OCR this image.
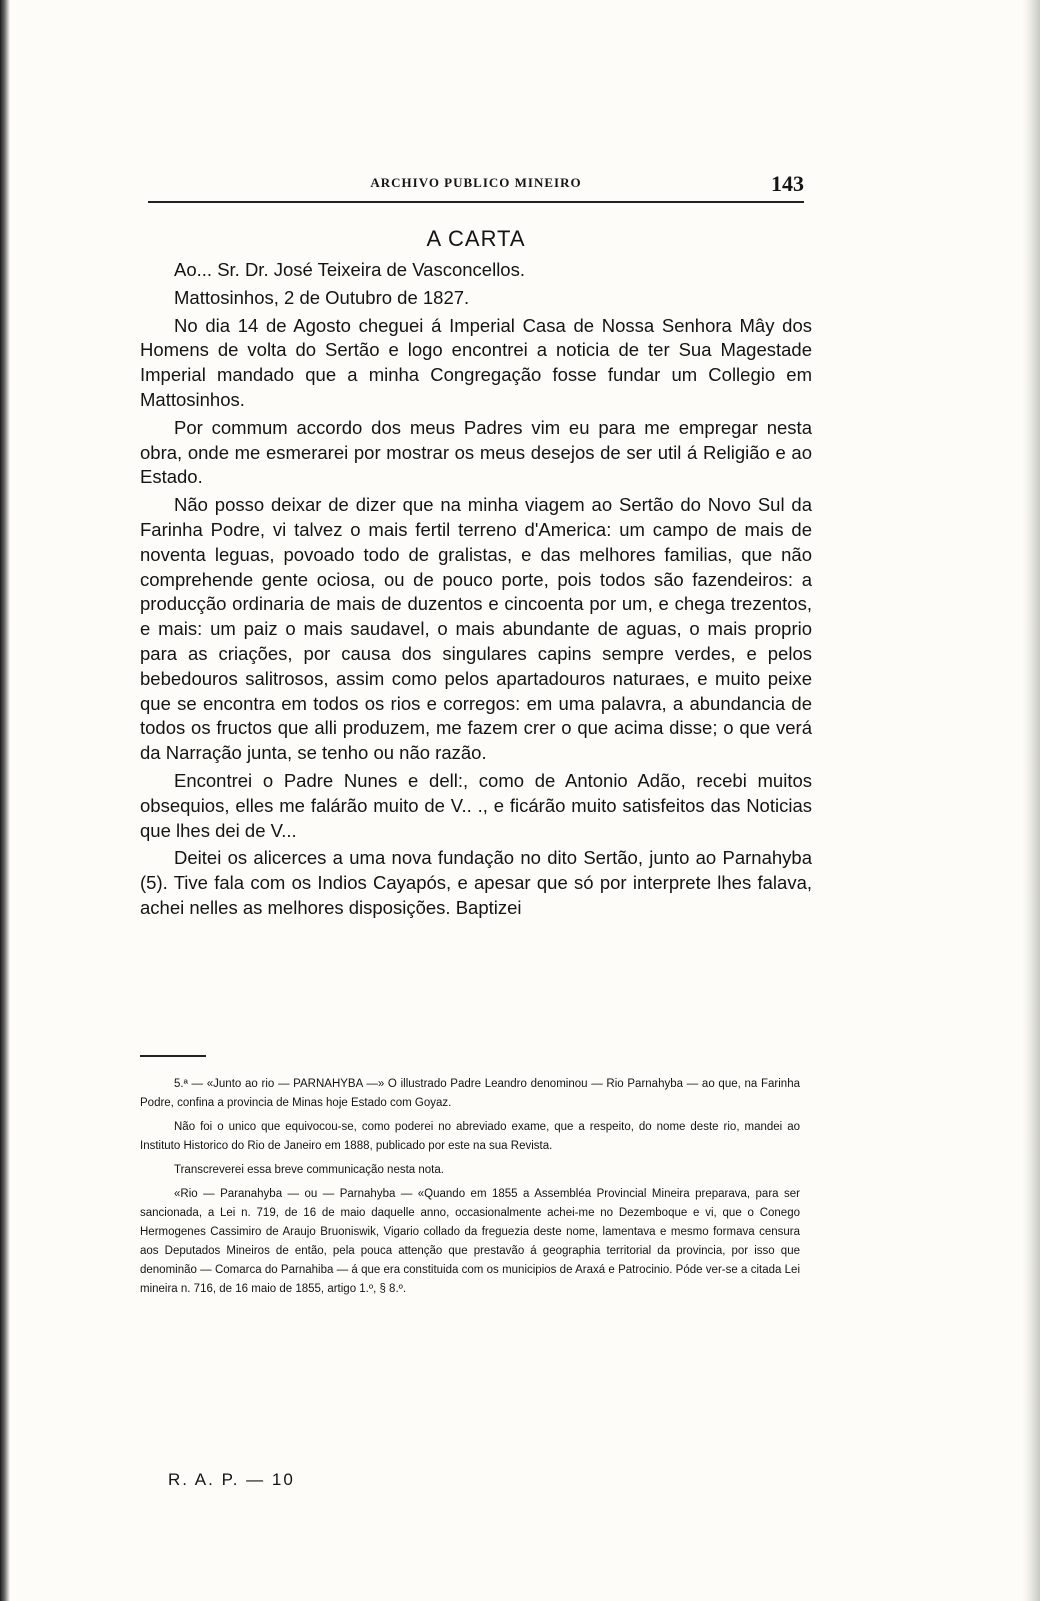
ARCHIVO PUBLICO MINEIRO	143
A CARTA

Ao... Sr. Dr. José Teixeira de Vasconcellos.

Mattosinhos, 2 de Outubro de 1827.

No dia 14 de Agosto cheguei á Imperial Casa de Nossa Senhora Mây dos Homens de volta do Sertão e logo encontrei a noticia de ter Sua Magestade Imperial mandado que a minha Congregação fosse fundar um Collegio em Mattosinhos.

Por commum accordo dos meus Padres vim eu para me empregar nesta obra, onde me esmerarei por mostrar os meus desejos de ser util á Religião e ao Estado.

Não posso deixar de dizer que na minha viagem ao Sertão do Novo Sul da Farinha Podre, vi talvez o mais fertil terreno d'America: um campo de mais de noventa leguas, povoado todo de gralistas, e das melhores familias, que não comprehende gente ociosa, ou de pouco porte, pois todos são fazendeiros: a producção ordinaria de mais de duzentos e cincoenta por um, e chega trezentos, e mais: um paiz o mais saudavel, o mais abundante de aguas, o mais proprio para as criações, por causa dos singulares capins sempre verdes, e pelos bebedouros salitrosos, assim como pelos apartadouros naturaes, e muito peixe que se encontra em todos os rios e corregos: em uma palavra, a abundancia de todos os fructos que alli produzem, me fazem crer o que acima disse; o que verá da Narração junta, se tenho ou não razão.

Encontrei o Padre Nunes e dell:, como de Antonio Adão, recebi muitos obsequios, elles me falárão muito de V.. ., e ficárão muito satisfeitos das Noticias que lhes dei de V...

Deitei os alicerces a uma nova fundação no dito Sertão, junto ao Parnahyba (5). Tive fala com os Indios Cayapós, e apesar que só por interprete lhes falava, achei nelles as melhores disposições. Baptizei

5.ª — «Junto ao rio — PARNAHYBA —» O illustrado Padre Leandro denominou — Rio Parnahyba — ao que, na Farinha Podre, confina a provincia de Minas hoje Estado com Goyaz.

Não foi o unico que equivocou-se, como poderei no abreviado exame, que a respeito, do nome deste rio, mandei ao Instituto Historico do Rio de Janeiro em 1888, publicado por este na sua Revista.

Transcreverei essa breve communicação nesta nota.

«Rio — Paranahyba — ou — Parnahyba — «Quando em 1855 a Assembléa Provincial Mineira preparava, para ser sancionada, a Lei n. 719, de 16 de maio daquelle anno, occasionalmente achei-me no Dezemboque e vi, que o Conego Hermogenes Cassimiro de Araujo Bruoniswik, Vigario collado da freguezia deste nome, lamentava e mesmo formava censura aos Deputados Mineiros de então, pela pouca attenção que prestavão á geographia territorial da provincia, por isso que denominão — Comarca do Parnahiba — á que era constituida com os municipios de Araxá e Patrocinio. Póde ver-se a citada Lei mineira n. 716, de 16 maio de 1855, artigo 1.º, § 8.º.

R. A. P. — 10
